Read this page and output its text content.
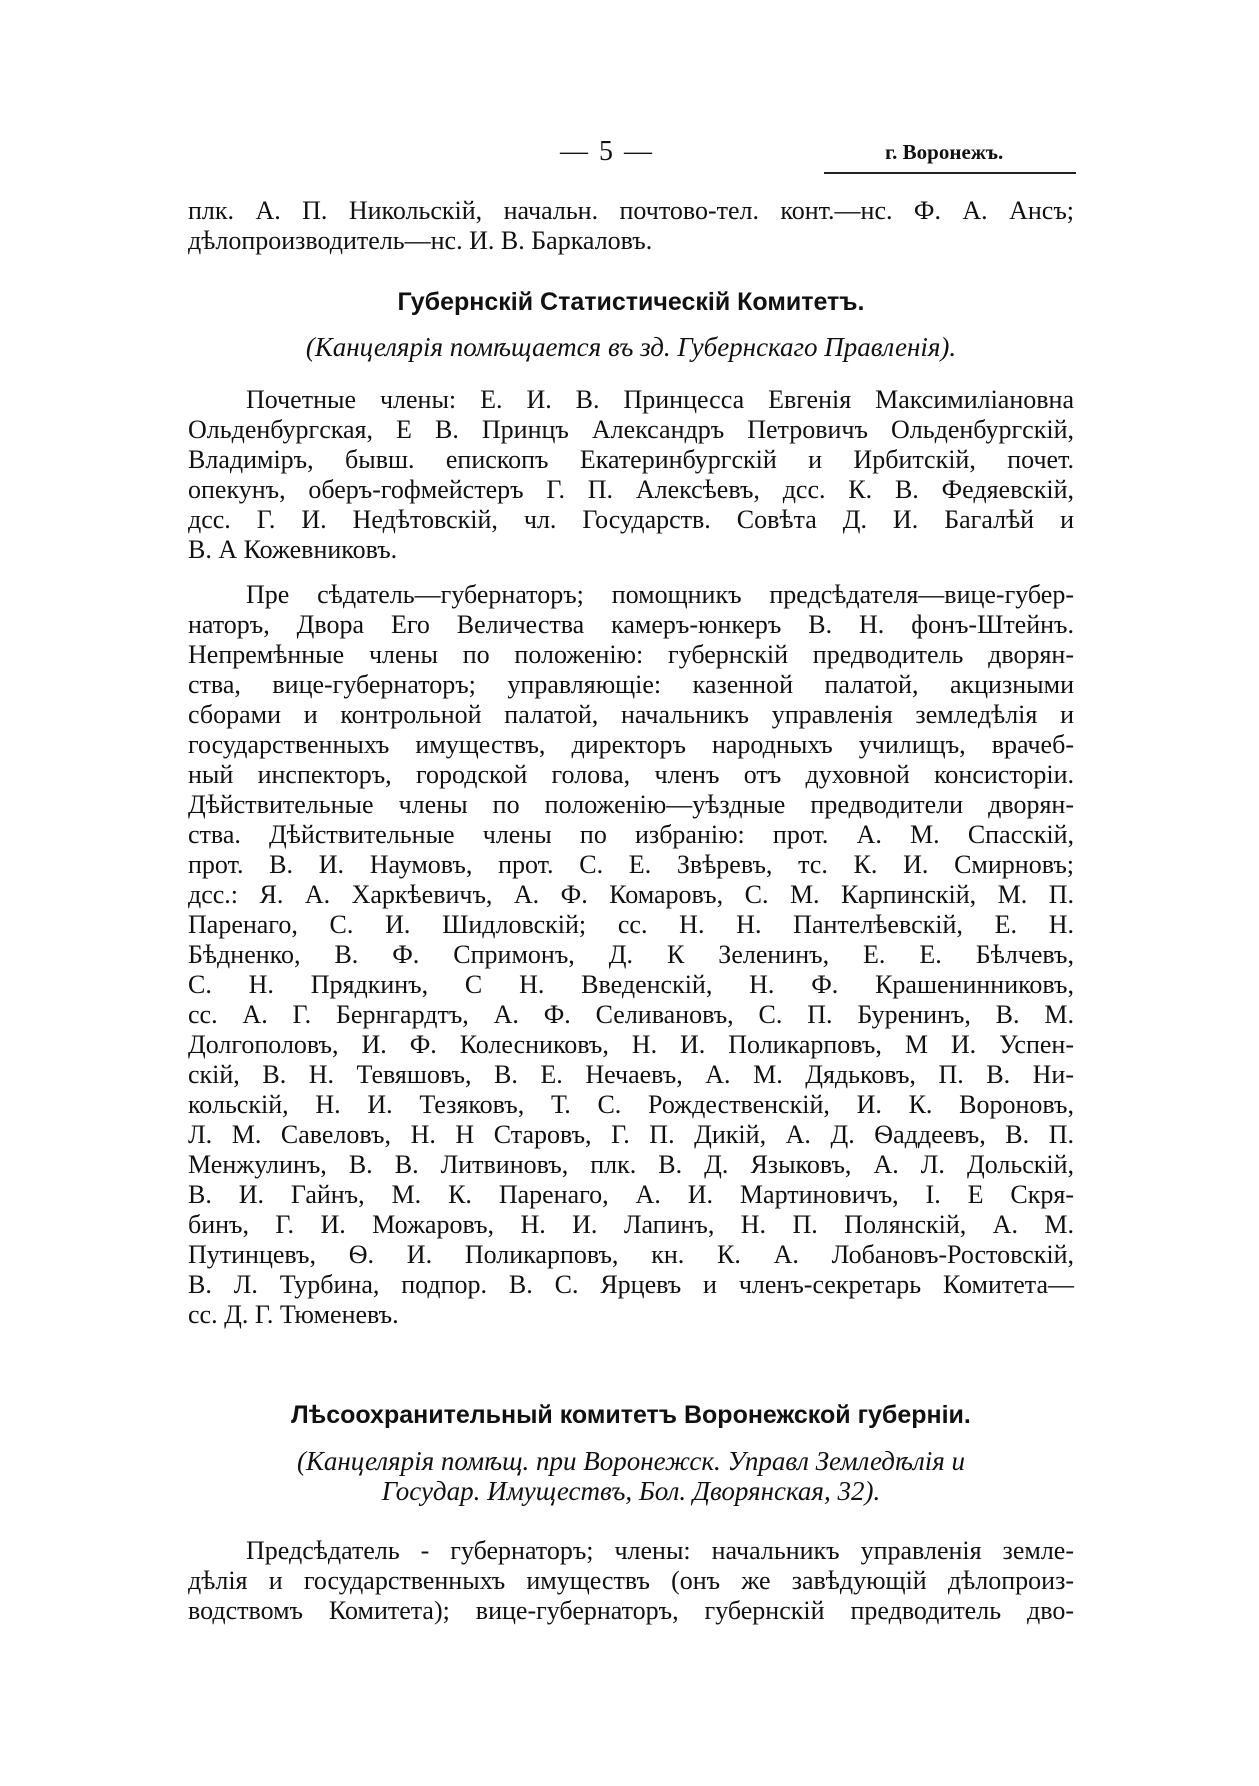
— 5 —	г. Воронежъ.
плк. А. П. Никольскій, начальн. почтово-тел. конт.—нс. Ф. А. Ансъ;
дѣлопроизводитель—нс. И. В. Баркаловъ.
Губернскій Статистическій Комитетъ.
(Канцелярія помѣщается въ зд. Губернскаго Правленія).
Почетные члены: Е. И. В. Принцесса Евгенія Максимиліановна
Ольденбургская, Е В. Принцъ Александръ Петровичъ Ольденбургскій,
Владиміръ, бывш. епископъ Екатеринбургскій и Ирбитскій, почет.
опекунъ, оберъ-гофмейстеръ Г. П. Алексѣевъ, дсс. К. В. Федяевскій,
дсс. Г. И. Недѣтовскій, чл. Государств. Совѣта Д. И. Багалѣй и
В. А Кожевниковъ.
Пре сѣдатель—губернаторъ; помощникъ предсѣдателя—вице-губер-
наторъ, Двора Его Величества камеръ-юнкеръ В. Н. фонъ-Штейнъ.
Непремѣнные члены по положенію: губернскій предводитель дворян-
ства, вице-губернаторъ; управляющіе: казенной палатой, акцизными
сборами и контрольной палатой, начальникъ управленія земледѣлія и
государственныхъ имуществъ, директоръ народныхъ училищъ, врачеб-
ный инспекторъ, городской голова, членъ отъ духовной консисторіи.
Дѣйствительные члены по положенію—уѣздные предводители дворян-
ства. Дѣйствительные члены по избранію: прот. А. М. Спасскій,
прот. В. И. Наумовъ, прот. С. Е. Звѣревъ, тс. К. И. Смирновъ;
дсс.: Я. А. Харкѣевичъ, А. Ф. Комаровъ, С. М. Карпинскій, М. П.
Паренаго, С. И. Шидловскій; сс. Н. Н. Пантелѣевскій, Е. Н.
Бѣдненко, В. Ф. Спримонъ, Д. К Зеленинъ, Е. Е. Бѣлчевъ,
С. Н. Прядкинъ, С Н. Введенскій, Н. Ф. Крашенинниковъ,
сс. А. Г. Бернгардтъ, А. Ф. Селивановъ, С. П. Буренинъ, В. М.
Долгополовъ, И. Ф. Колесниковъ, Н. И. Поликарповъ, М И. Успен-
скій, В. Н. Тевяшовъ, В. Е. Нечаевъ, А. М. Дядьковъ, П. В. Ни-
кольскій, Н. И. Тезяковъ, Т. С. Рождественскій, И. К. Вороновъ,
Л. М. Савеловъ, Н. Н Старовъ, Г. П. Дикій, А. Д. Ѳаддеевъ, В. П.
Менжулинъ, В. В. Литвиновъ, плк. В. Д. Языковъ, А. Л. Дольскій,
В. И. Гайнъ, М. К. Паренаго, А. И. Мартиновичъ, І. Е Скря-
бинъ, Г. И. Можаровъ, Н. И. Лапинъ, Н. П. Полянскій, А. М.
Путинцевъ, Ѳ. И. Поликарповъ, кн. К. А. Лобановъ-Ростовскій,
В. Л. Турбина, подпор. В. С. Ярцевъ и членъ-секретарь Комитета—
сс. Д. Г. Тюменевъ.
Лѣсоохранительный комитетъ Воронежской губерніи.
(Канцелярія помѣщ. при Воронежск. Управл Земледѣлія и
Государ. Имуществъ, Бол. Дворянская, 32).
Предсѣдатель - губернаторъ; члены: начальникъ управленія земле-
дѣлія и государственныхъ имуществъ (онъ же завѣдующій дѣлопроиз-
водствомъ Комитета); вице-губернаторъ, губернскій предводитель дво-
